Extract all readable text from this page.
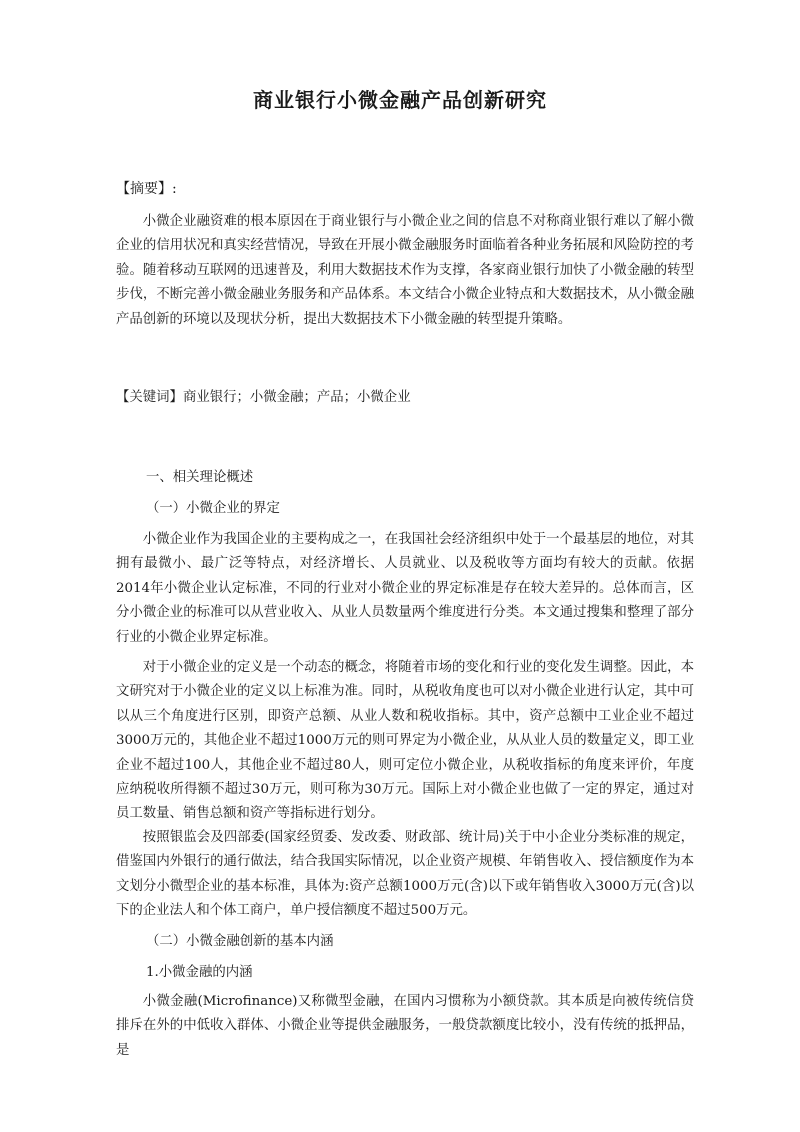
商业银行小微金融产品创新研究

【摘要】:

小微企业融资难的根本原因在于商业银行与小微企业之间的信息不对称商业银行难以了解小微企业的信用状况和真实经营情况，导致在开展小微金融服务时面临着各种业务拓展和风险防控的考验。随着移动互联网的迅速普及，利用大数据技术作为支撑，各家商业银行加快了小微金融的转型步伐，不断完善小微金融业务服务和产品体系。本文结合小微企业特点和大数据技术，从小微金融产品创新的环境以及现状分析，提出大数据技术下小微金融的转型提升策略。

【关键词】商业银行；小微金融；产品；小微企业

一、相关理论概述

（一）小微企业的界定

小微企业作为我国企业的主要构成之一，在我国社会经济组织中处于一个最基层的地位，对其拥有最微小、最广泛等特点，对经济增长、人员就业、以及税收等方面均有较大的贡献。依据2014年小微企业认定标准，不同的行业对小微企业的界定标准是存在较大差异的。总体而言，区分小微企业的标准可以从营业收入、从业人员数量两个维度进行分类。本文通过搜集和整理了部分行业的小微企业界定标准。

对于小微企业的定义是一个动态的概念，将随着市场的变化和行业的变化发生调整。因此，本文研究对于小微企业的定义以上标准为准。同时，从税收角度也可以对小微企业进行认定，其中可以从三个角度进行区别，即资产总额、从业人数和税收指标。其中，资产总额中工业企业不超过3000万元的，其他企业不超过1000万元的则可界定为小微企业，从从业人员的数量定义，即工业企业不超过100人，其他企业不超过80人，则可定位小微企业，从税收指标的角度来评价，年度应纳税收所得额不超过30万元，则可称为30万元。国际上对小微企业也做了一定的界定，通过对员工数量、销售总额和资产等指标进行划分。

按照银监会及四部委(国家经贸委、发改委、财政部、统计局)关于中小企业分类标准的规定，借鉴国内外银行的通行做法，结合我国实际情况，以企业资产规模、年销售收入、授信额度作为本文划分小微型企业的基本标准，具体为:资产总额1000万元(含)以下或年销售收入3000万元(含)以下的企业法人和个体工商户，单户授信额度不超过500万元。

（二）小微金融创新的基本内涵

1.小微金融的内涵

小微金融(Microfinance)又称微型金融，在国内习惯称为小额贷款。其本质是向被传统信贷排斥在外的中低收入群体、小微企业等提供金融服务，一般贷款额度比较小，没有传统的抵押品，是
